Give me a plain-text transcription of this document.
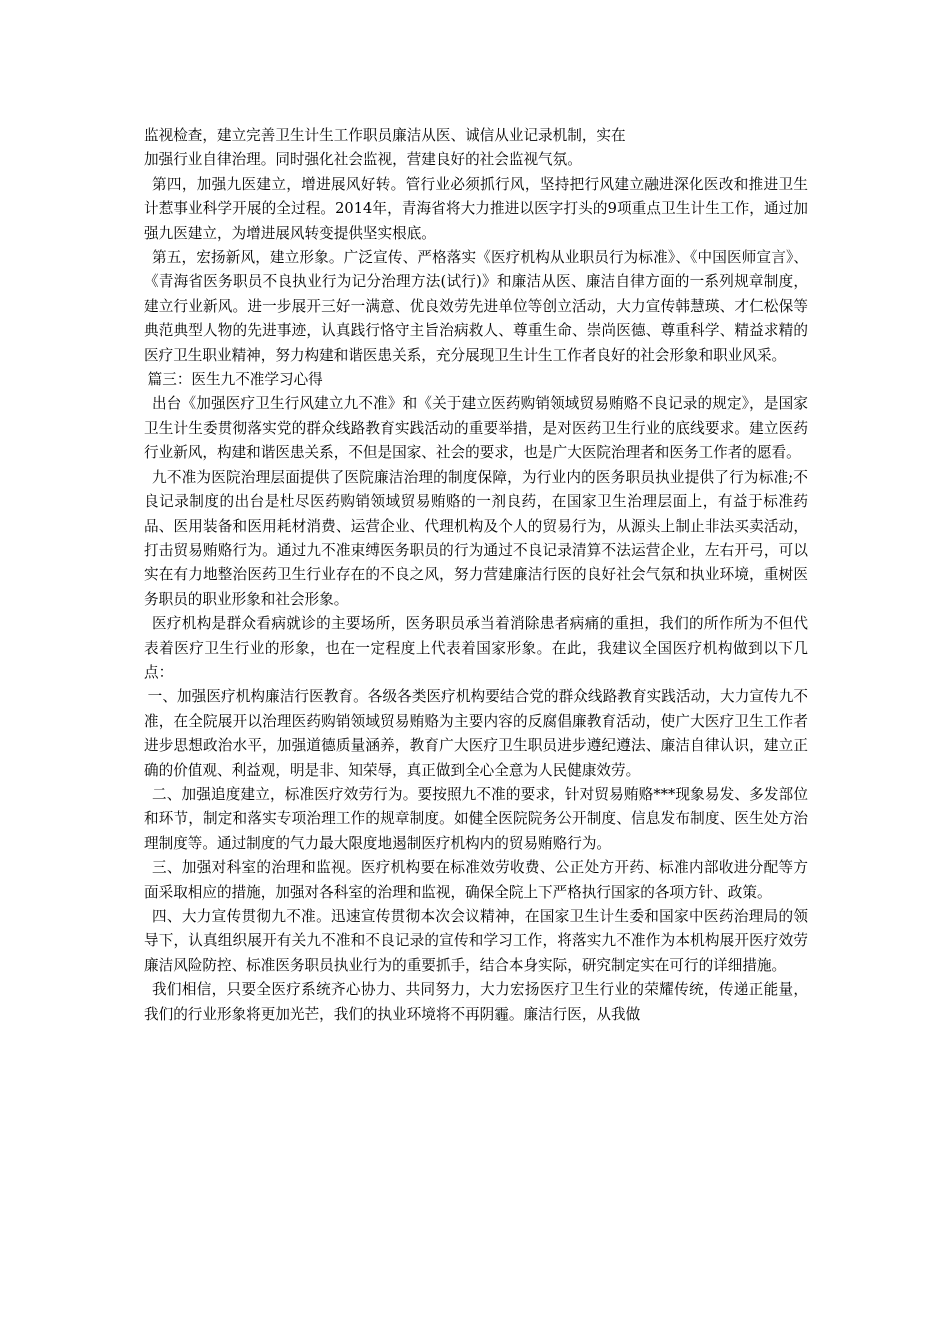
监视检查，建立完善卫生计生工作职员廉洁从医、诚信从业记录机制，实在

加强行业自律治理。同时强化社会监视，营建良好的社会监视气氛。

第四，加强九医建立，增进展风好转。管行业必须抓行风，坚持把行风建立融进深化医改和推进卫生计惹事业科学开展的全过程。2014年，青海省将大力推进以医字打头的9项重点卫生计生工作，通过加强九医建立，为增进展风转变提供坚实根底。

第五，宏扬新风，建立形象。广泛宣传、严格落实《医疗机构从业职员行为标准》、《中国医师宣言》、《青海省医务职员不良执业行为记分治理方法(试行)》和廉洁从医、廉洁自律方面的一系列规章制度，建立行业新风。进一步展开三好一满意、优良效劳先进单位等创立活动，大力宣传韩慧瑛、才仁松保等典范典型人物的先进事迹，认真践行恪守主旨治病救人、尊重生命、崇尚医德、尊重科学、精益求精的医疗卫生职业精神，努力构建和谐医患关系，充分展现卫生计生工作者良好的社会形象和职业风采。

篇三：医生九不准学习心得

出台《加强医疗卫生行风建立九不准》和《关于建立医药购销领域贸易贿赂不良记录的规定》，是国家卫生计生委贯彻落实党的群众线路教育实践活动的重要举措，是对医药卫生行业的底线要求。建立医药行业新风，构建和谐医患关系，不但是国家、社会的要求，也是广大医院治理者和医务工作者的愿看。

九不准为医院治理层面提供了医院廉洁治理的制度保障，为行业内的医务职员执业提供了行为标准;不良记录制度的出台是杜尽医药购销领域贸易贿赂的一剂良药，在国家卫生治理层面上，有益于标准药品、医用装备和医用耗材消费、运营企业、代理机构及个人的贸易行为，从源头上制止非法买卖活动，打击贸易贿赂行为。通过九不准束缚医务职员的行为通过不良记录清算不法运营企业，左右开弓，可以实在有力地整治医药卫生行业存在的不良之风，努力营建廉洁行医的良好社会气氛和执业环境，重树医务职员的职业形象和社会形象。

医疗机构是群众看病就诊的主要场所，医务职员承当着消除患者病痛的重担，我们的所作所为不但代表着医疗卫生行业的形象，也在一定程度上代表着国家形象。在此，我建议全国医疗机构做到以下几点：

一、加强医疗机构廉洁行医教育。各级各类医疗机构要结合党的群众线路教育实践活动，大力宣传九不准，在全院展开以治理医药购销领域贸易贿赂为主要内容的反腐倡廉教育活动，使广大医疗卫生工作者进步思想政治水平，加强道德质量涵养，教育广大医疗卫生职员进步遵纪遵法、廉洁自律认识，建立正确的价值观、利益观，明是非、知荣辱，真正做到全心全意为人民健康效劳。

二、加强追度建立，标准医疗效劳行为。要按照九不准的要求，针对贸易贿赂***现象易发、多发部位和环节，制定和落实专项治理工作的规章制度。如健全医院院务公开制度、信息发布制度、医生处方治理制度等。通过制度的气力最大限度地遏制医疗机构内的贸易贿赂行为。

三、加强对科室的治理和监视。医疗机构要在标准效劳收费、公正处方开药、标准内部收进分配等方面采取相应的措施，加强对各科室的治理和监视，确保全院上下严格执行国家的各项方针、政策。

四、大力宣传贯彻九不准。迅速宣传贯彻本次会议精神，在国家卫生计生委和国家中医药治理局的领导下，认真组织展开有关九不准和不良记录的宣传和学习工作，将落实九不准作为本机构展开医疗效劳廉洁风险防控、标准医务职员执业行为的重要抓手，结合本身实际，研究制定实在可行的详细措施。

我们相信，只要全医疗系统齐心协力、共同努力，大力宏扬医疗卫生行业的荣耀传统，传递正能量，我们的行业形象将更加光芒，我们的执业环境将不再阴霾。廉洁行医，从我做
